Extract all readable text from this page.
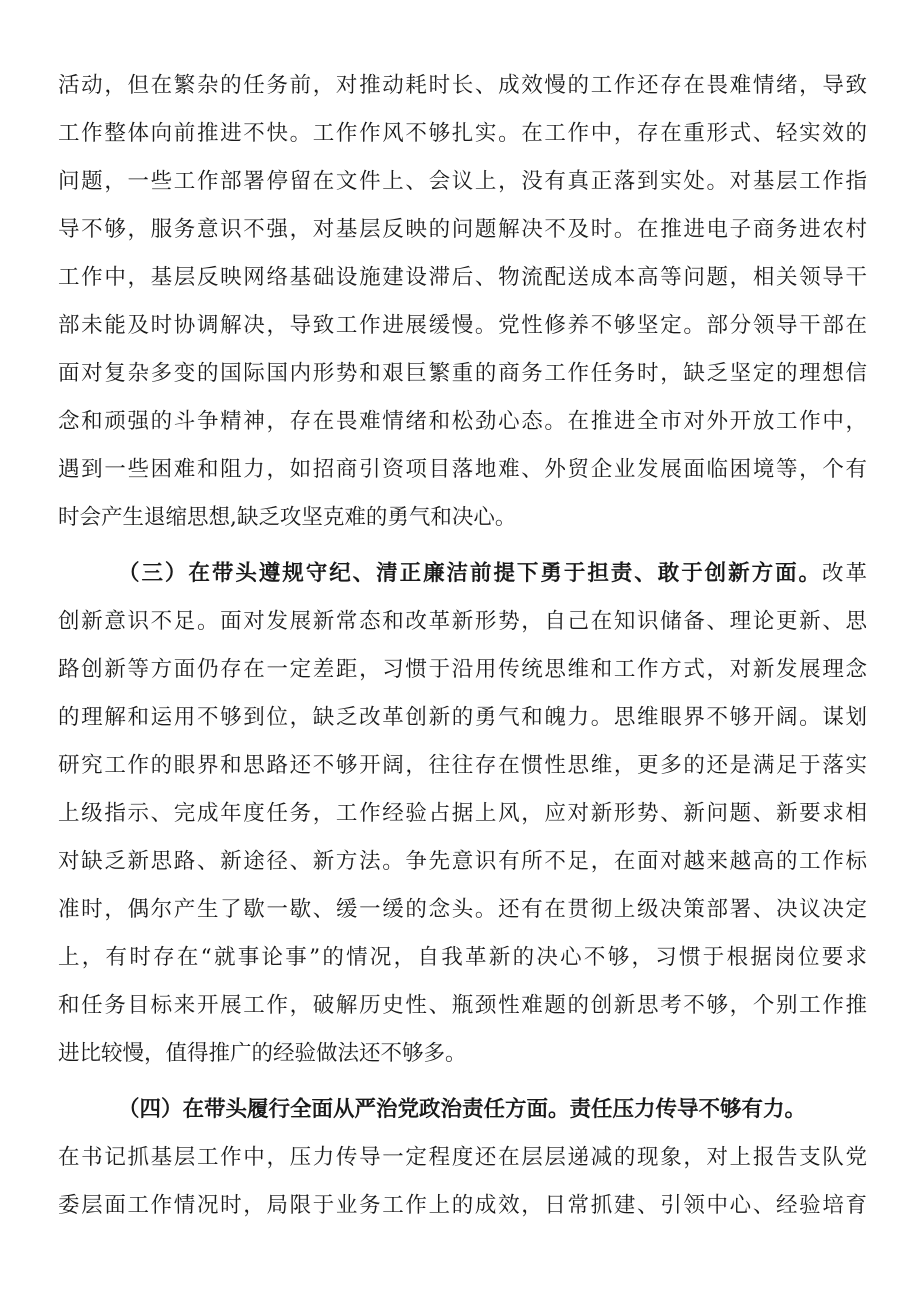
活动，但在繁杂的任务前，对推动耗时长、成效慢的工作还存在畏难情绪，导致
工作整体向前推进不快。工作作风不够扎实。在工作中，存在重形式、轻实效的
问题，一些工作部署停留在文件上、会议上，没有真正落到实处。对基层工作指
导不够，服务意识不强，对基层反映的问题解决不及时。在推进电子商务进农村
工作中，基层反映网络基础设施建设滞后、物流配送成本高等问题，相关领导干
部未能及时协调解决，导致工作进展缓慢。党性修养不够坚定。部分领导干部在
面对复杂多变的国际国内形势和艰巨繁重的商务工作任务时，缺乏坚定的理想信
念和顽强的斗争精神，存在畏难情绪和松劲心态。在推进全市对外开放工作中，
遇到一些困难和阻力，如招商引资项目落地难、外贸企业发展面临困境等，个有
时会产生退缩思想,缺乏攻坚克难的勇气和决心。
（三）在带头遵规守纪、清正廉洁前提下勇于担责、敢于创新方面。改革
创新意识不足。面对发展新常态和改革新形势，自己在知识储备、理论更新、思
路创新等方面仍存在一定差距，习惯于沿用传统思维和工作方式，对新发展理念
的理解和运用不够到位，缺乏改革创新的勇气和魄力。思维眼界不够开阔。谋划
研究工作的眼界和思路还不够开阔，往往存在惯性思维，更多的还是满足于落实
上级指示、完成年度任务，工作经验占据上风，应对新形势、新问题、新要求相
对缺乏新思路、新途径、新方法。争先意识有所不足，在面对越来越高的工作标
准时，偶尔产生了歇一歇、缓一缓的念头。还有在贯彻上级决策部署、决议决定
上，有时存在“就事论事”的情况，自我革新的决心不够，习惯于根据岗位要求
和任务目标来开展工作，破解历史性、瓶颈性难题的创新思考不够，个别工作推
进比较慢，值得推广的经验做法还不够多。
（四）在带头履行全面从严治党政治责任方面。责任压力传导不够有力。
在书记抓基层工作中，压力传导一定程度还在层层递减的现象，对上报告支队党
委层面工作情况时，局限于业务工作上的成效，日常抓建、引领中心、经验培育
